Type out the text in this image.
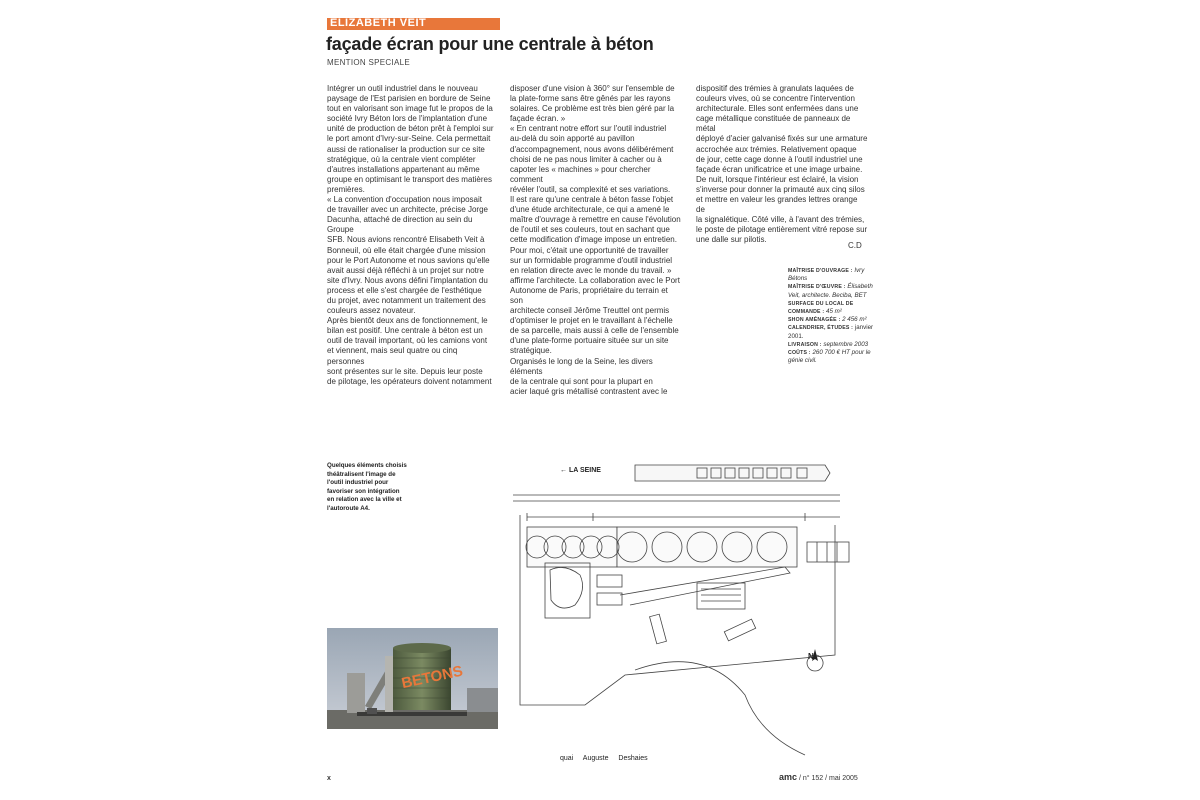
ELIZABETH VEIT
façade écran pour une centrale à béton
MENTION SPECIALE

Intégrer un outil industriel dans le nouveau
paysage de l'Est parisien en bordure de Seine
tout en valorisant son image fut le propos de la
société Ivry Béton lors de l'implantation d'une
unité de production de béton prêt à l'emploi sur
le port amont d'Ivry-sur-Seine. Cela permettait
aussi de rationaliser la production sur ce site
stratégique, où la centrale vient compléter
d'autres installations appartenant au même
groupe en optimisant le transport des matières
premières.
« La convention d'occupation nous imposait
de travailler avec un architecte, précise Jorge
Dacunha, attaché de direction au sein du Groupe
SFB. Nous avions rencontré Elisabeth Veit à
Bonneuil, où elle était chargée d'une mission
pour le Port Autonome et nous savions qu'elle
avait aussi déjà réfléchi à un projet sur notre
site d'Ivry. Nous avons défini l'implantation du
process et elle s'est chargée de l'esthétique
du projet, avec notamment un traitement des
couleurs assez novateur.
Après bientôt deux ans de fonctionnement, le
bilan est positif. Une centrale à béton est un
outil de travail important, où les camions vont
et viennent, mais seul quatre ou cinq personnes
sont présentes sur le site. Depuis leur poste
de pilotage, les opérateurs doivent notamment

disposer d'une vision à 360° sur l'ensemble de
la plate-forme sans être gênés par les rayons
solaires. Ce problème est très bien géré par la
façade écran. »
« En centrant notre effort sur l'outil industriel
au-delà du soin apporté au pavillon
d'accompagnement, nous avons délibérément
choisi de ne pas nous limiter à cacher ou à
capoter les « machines » pour chercher comment
révéler l'outil, sa complexité et ses variations.
Il est rare qu'une centrale à béton fasse l'objet
d'une étude architecturale, ce qui a amené le
maître d'ouvrage à remettre en cause l'évolution
de l'outil et ses couleurs, tout en sachant que
cette modification d'image impose un entretien.
Pour moi, c'était une opportunité de travailler
sur un formidable programme d'outil industriel
en relation directe avec le monde du travail. »
affirme l'architecte. La collaboration avec le Port
Autonome de Paris, propriétaire du terrain et son
architecte conseil Jérôme Treuttel ont permis
d'optimiser le projet en le travaillant à l'échelle
de sa parcelle, mais aussi à celle de l'ensemble
d'une plate-forme portuaire située sur un site
stratégique.
Organisés le long de la Seine, les divers éléments
de la centrale qui sont pour la plupart en
acier laqué gris métallisé contrastent avec le

dispositif des trémies à granulats laquées de
couleurs vives, où se concentre l'intervention
architecturale. Elles sont enfermées dans une
cage métallique constituée de panneaux de métal
déployé d'acier galvanisé fixés sur une armature
accrochée aux trémies. Relativement opaque
de jour, cette cage donne à l'outil industriel une
façade écran unificatrice et une image urbaine.
De nuit, lorsque l'intérieur est éclairé, la vision
s'inverse pour donner la primauté aux cinq silos
et mettre en valeur les grandes lettres orange de
la signalétique. Côté ville, à l'avant des trémies,
le poste de pilotage entièrement vitré repose sur
une dalle sur pilotis.

C.D
MAÎTRISE D'OUVRAGE : Ivry Bétons
MAÎTRISE D'ŒUVRE : Élisabeth Veit, architecte. Beciba, BET
SURFACE DU LOCAL DE COMMANDE : 45 m²
SHON AMÉNAGÉE : 2 456 m²
CALENDRIER, ÉTUDES : janvier 2001.
LIVRAISON : septembre 2003
COÛTS : 260 700 € HT pour le génie civil.
Quelques éléments choisis
théâtralisent l'image de
l'outil industriel pour
favoriser son intégration
en relation avec la ville et
l'autoroute A4.
BETONS
← LA SEINE
N
quai Auguste Deshaies
x	amc / n° 152 / mai 2005
